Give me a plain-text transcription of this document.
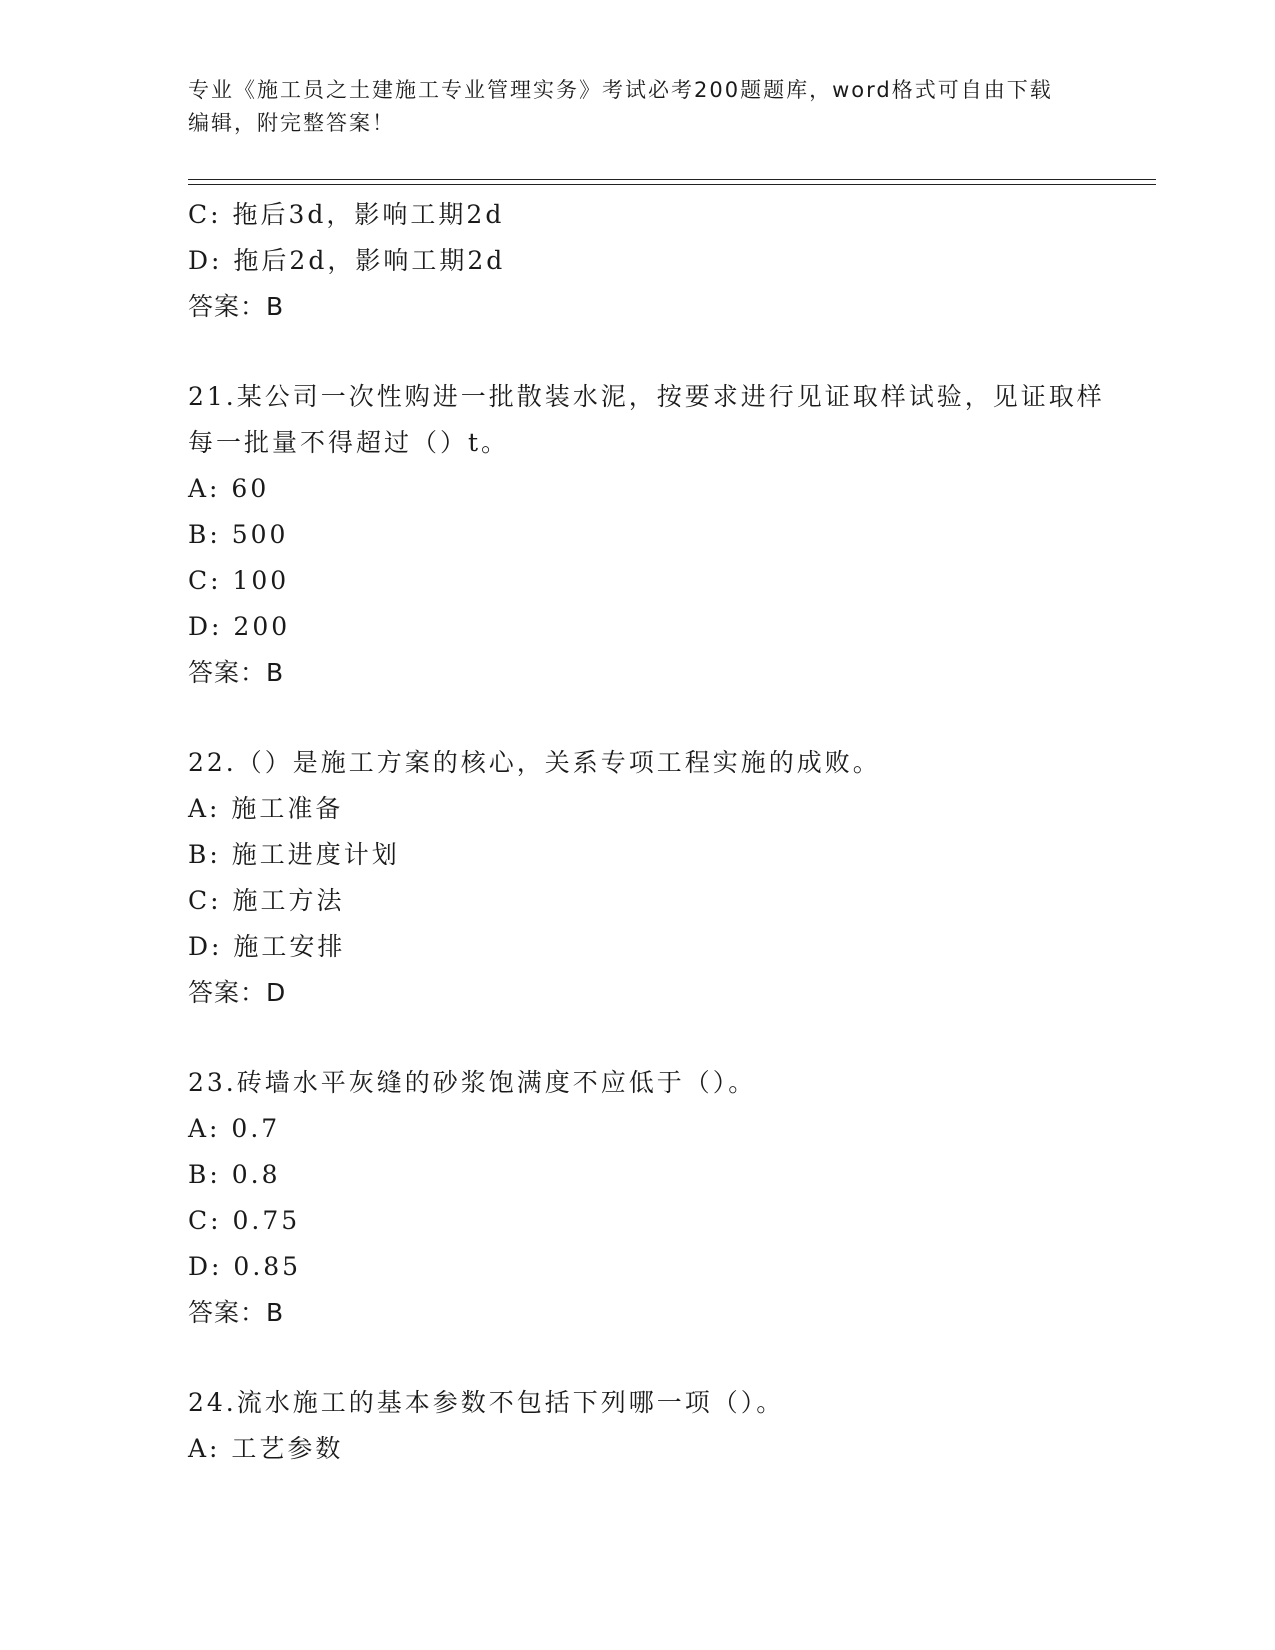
专业《施工员之土建施工专业管理实务》考试必考200题题库，word格式可自由下载编辑，附完整答案！
C: 拖后3d，影响工期2d
D: 拖后2d，影响工期2d
答案：B
21.某公司一次性购进一批散装水泥，按要求进行见证取样试验，见证取样每一批量不得超过（）t。
A: 60
B: 500
C: 100
D: 200
答案：B
22.（）是施工方案的核心，关系专项工程实施的成败。
A: 施工准备
B: 施工进度计划
C: 施工方法
D: 施工安排
答案：D
23.砖墙水平灰缝的砂浆饱满度不应低于（）。
A: 0.7
B: 0.8
C: 0.75
D: 0.85
答案：B
24.流水施工的基本参数不包括下列哪一项（）。
A: 工艺参数
